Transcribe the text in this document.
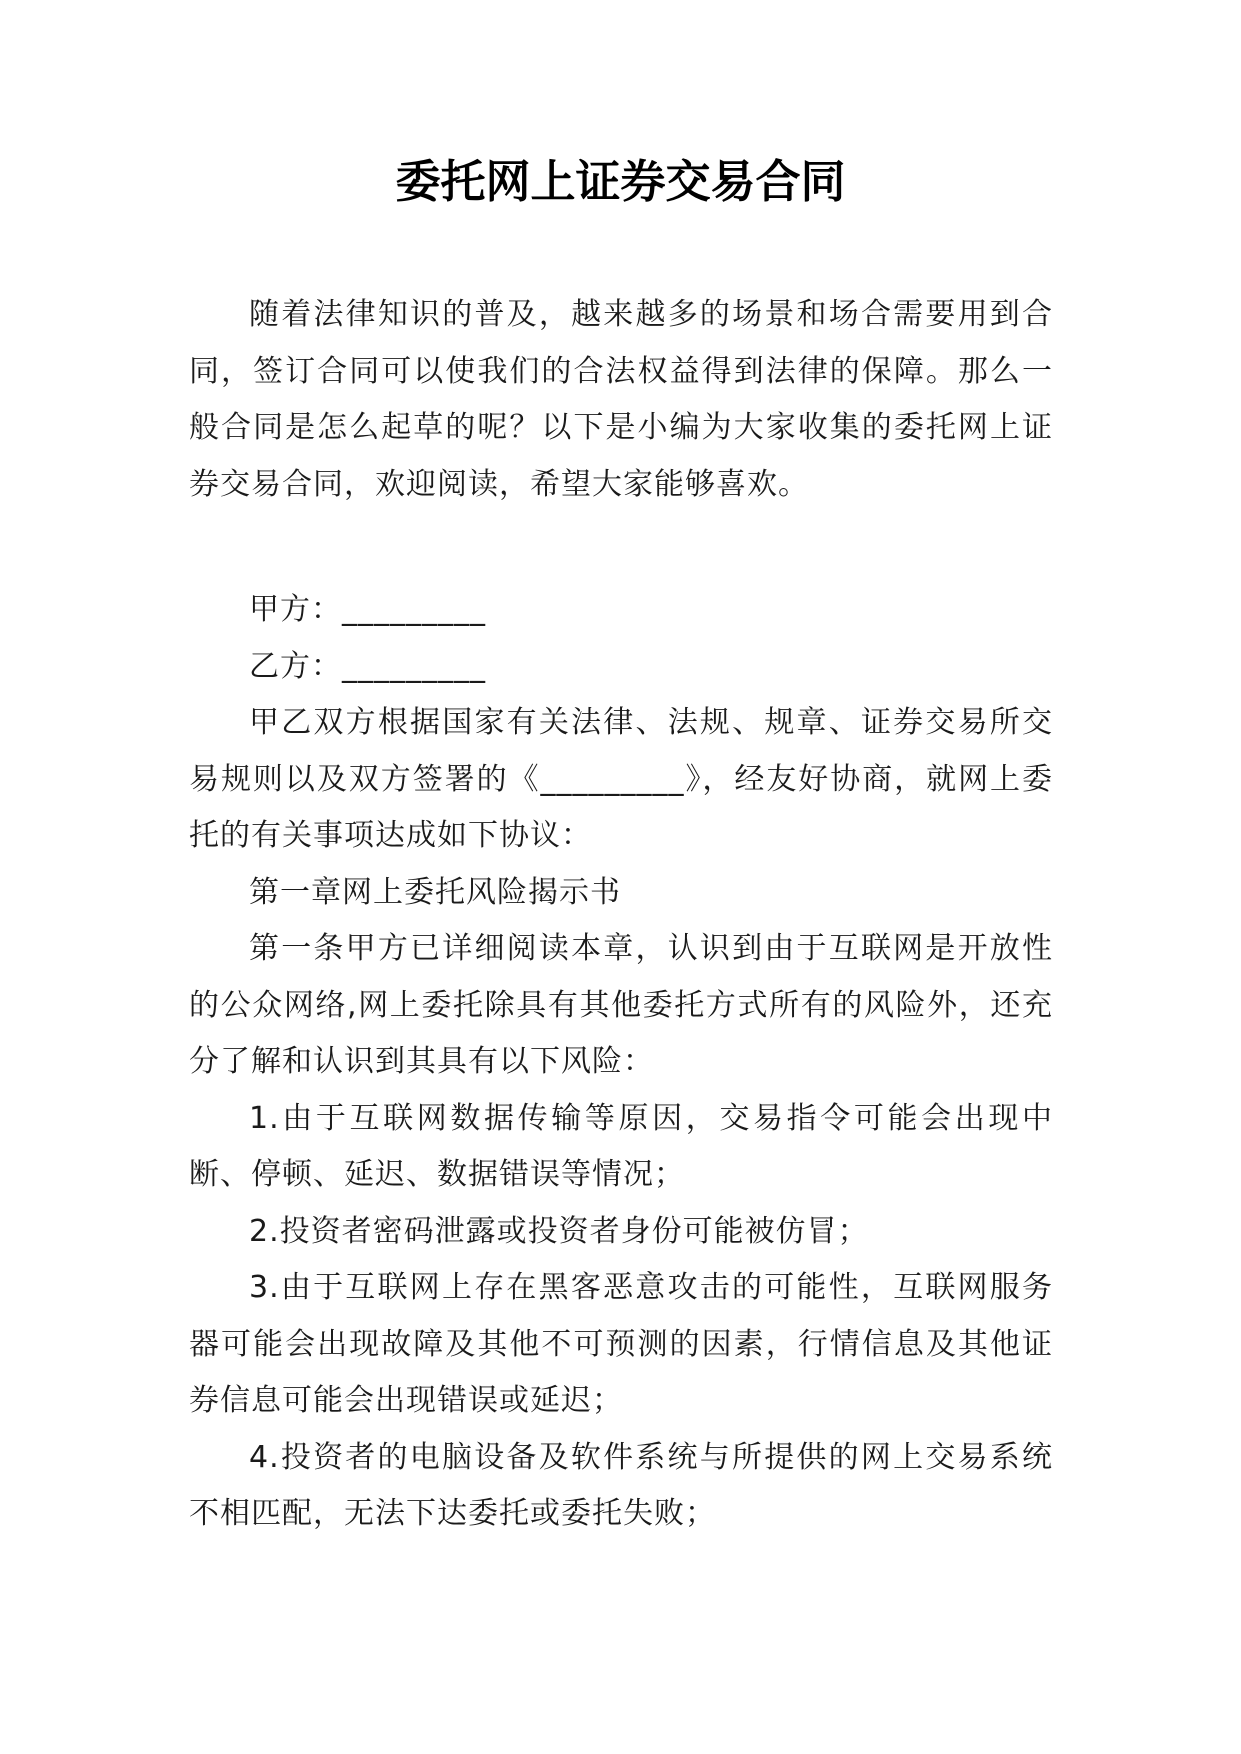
委托网上证券交易合同

随着法律知识的普及，越来越多的场景和场合需要用到合同，签订合同可以使我们的合法权益得到法律的保障。那么一般合同是怎么起草的呢？以下是小编为大家收集的委托网上证券交易合同，欢迎阅读，希望大家能够喜欢。

甲方：_________

乙方：_________

甲乙双方根据国家有关法律、法规、规章、证券交易所交易规则以及双方签署的《_________》，经友好协商，就网上委托的有关事项达成如下协议：

第一章网上委托风险揭示书

第一条甲方已详细阅读本章，认识到由于互联网是开放性的公众网络,网上委托除具有其他委托方式所有的风险外，还充分了解和认识到其具有以下风险：

1.由于互联网数据传输等原因，交易指令可能会出现中断、停顿、延迟、数据错误等情况；

2.投资者密码泄露或投资者身份可能被仿冒；

3.由于互联网上存在黑客恶意攻击的可能性，互联网服务器可能会出现故障及其他不可预测的因素，行情信息及其他证券信息可能会出现错误或延迟；

4.投资者的电脑设备及软件系统与所提供的网上交易系统不相匹配，无法下达委托或委托失败；
